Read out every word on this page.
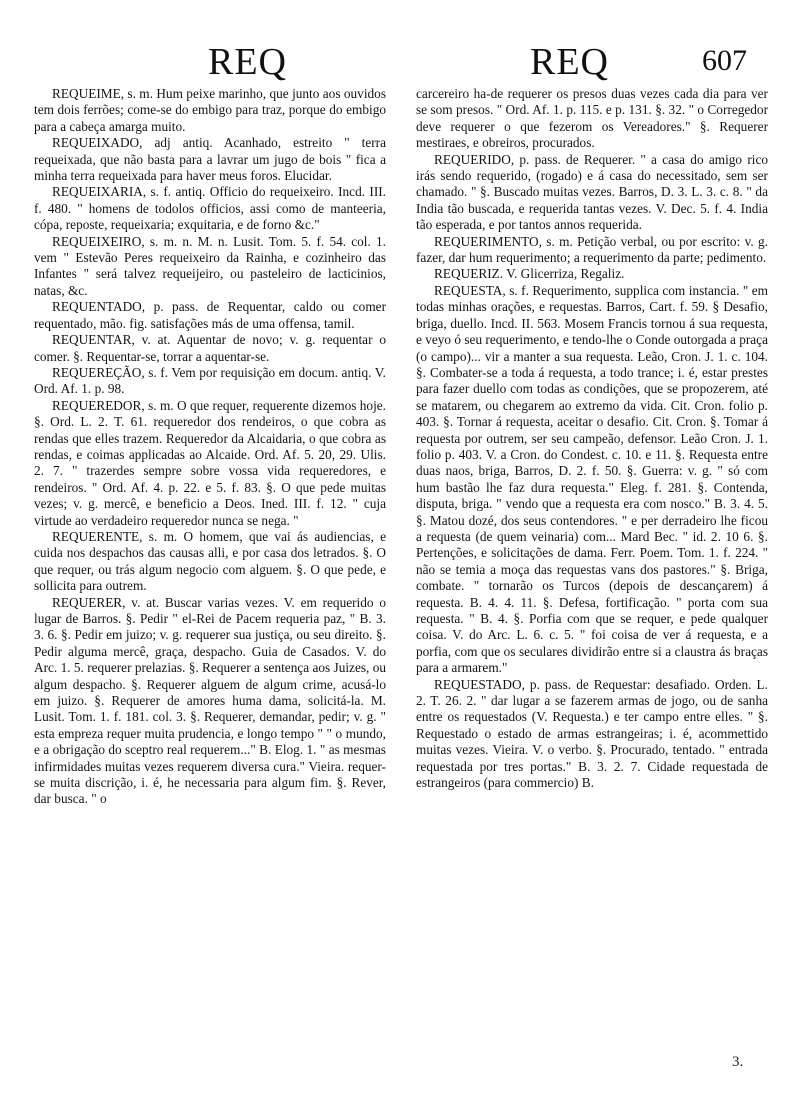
REQ	REQ	607

REQUEIME, s. m. Hum peixe marinho, que junto aos ouvidos tem dois ferrões; come-se do embigo para traz, porque do embigo para a cabeça amarga muito.

REQUEIXADO, adj antiq. Acanhado, estreito " terra requeixada, que não basta para a lavrar um jugo de bois " fica a minha terra requeixada para haver meus foros. Elucidar.

REQUEIXARIA, s. f. antiq. Officio do requeixeiro. Incd. III. f. 480. " homens de todolos officios, assi como de manteeria, cópa, reposte, requeixaria; exquitaria, e de forno &c."

REQUEIXEIRO, s. m. n. M. n. Lusit. Tom. 5. f. 54. col. 1. vem " Estevão Peres requeixeiro da Rainha, e cozinheiro das Infantes " será talvez requeijeiro, ou pasteleiro de lacticinios, natas, &c.

REQUENTADO, p. pass. de Requentar, caldo ou comer requentado, mão. fig. satisfações más de uma offensa, tamil.

REQUENTAR, v. at. Aquentar de novo; v. g. requentar o comer. §. Requentar-se, torrar a aquentar-se.

REQUEREÇÃO, s. f. Vem por requisição em docum. antiq. V. Ord. Af. 1. p. 98.

REQUEREDOR, s. m. O que requer, requerente dizemos hoje. §. Ord. L. 2. T. 61. requeredor dos rendeiros, o que cobra as rendas que elles trazem. Requeredor da Alcaidaria, o que cobra as rendas, e coimas applicadas ao Alcaide. Ord. Af. 5. 20, 29. Ulis. 2. 7. " trazerdes sempre sobre vossa vida requeredores, e rendeiros. " Ord. Af. 4. p. 22. e 5. f. 83. §. O que pede muitas vezes; v. g. mercê, e beneficio a Deos. Ined. III. f. 12. " cuja virtude ao verdadeiro requeredor nunca se nega. "

REQUERENTE, s. m. O homem, que vai ás audiencias, e cuida nos despachos das causas alli, e por casa dos letrados. §. O que requer, ou trás algum negocio com alguem. §. O que pede, e sollicita para outrem.

REQUERER, v. at. Buscar varias vezes. V. em requerido o lugar de Barros. §. Pedir " el-Rei de Pacem requeria paz, " B. 3. 3. 6. §. Pedir em juizo; v. g. requerer sua justiça, ou seu direito. §. Pedir alguma mercê, graça, despacho. Guia de Casados. V. do Arc. 1. 5. requerer prelazias. §. Requerer a sentença aos Juizes, ou algum despacho. §. Requerer alguem de algum crime, acusá-lo em juizo. §. Requerer de amores huma dama, solicitá-la. M. Lusit. Tom. 1. f. 181. col. 3. §. Requerer, demandar, pedir; v. g. " esta empreza requer muita prudencia, e longo tempo " " o mundo, e a obrigação do sceptro real requerem..." B. Elog. 1. " as mesmas infirmidades muitas vezes requerem diversa cura." Vieira. requer-se muita discrição, i. é, he necessaria para algum fim. §. Rever, dar busca. " o

carcereiro ha-de requerer os presos duas vezes cada dia para ver se som presos. " Ord. Af. 1. p. 115. e p. 131. §. 32. " o Corregedor deve requerer o que fezerom os Vereadores." §. Requerer mestiraes, e obreiros, procurados.

REQUERIDO, p. pass. de Requerer. " a casa do amigo rico irás sendo requerido, (rogado) e á casa do necessitado, sem ser chamado. " §. Buscado muitas vezes. Barros, D. 3. L. 3. c. 8. " da India tão buscada, e requerida tantas vezes. V. Dec. 5. f. 4. India tão esperada, e por tantos annos requerida.

REQUERIMENTO, s. m. Petição verbal, ou por escrito: v. g. fazer, dar hum requerimento; a requerimento da parte; pedimento.

REQUERIZ. V. Glicerriza, Regaliz.

REQUESTA, s. f. Requerimento, supplica com instancia. " em todas minhas orações, e requestas. Barros, Cart. f. 59. § Desafio, briga, duello. Incd. II. 563. Mosem Francis tornou á sua requesta, e veyo ó seu requerimento, e tendo-lhe o Conde outorgada a praça (o campo)... vir a manter a sua requesta. Leão, Cron. J. 1. c. 104. §. Combater-se a toda á requesta, a todo trance; i. é, estar prestes para fazer duello com todas as condições, que se propozerem, até se matarem, ou chegarem ao extremo da vida. Cit. Cron. folio p. 403. §. Tornar á requesta, aceitar o desafio. Cit. Cron. §. Tomar á requesta por outrem, ser seu campeão, defensor. Leão Cron. J. 1. folio p. 403. V. a Cron. do Condest. c. 10. e 11. §. Requesta entre duas naos, briga, Barros, D. 2. f. 50. §. Guerra: v. g. " só com hum bastão lhe faz dura requesta." Eleg. f. 281. §. Contenda, disputa, briga. " vendo que a requesta era com nosco." B. 3. 4. 5. §. Matou dozé, dos seus contendores. " e per derradeiro lhe ficou a requesta (de quem veinaria) com... Mard Bec. " id. 2. 10 6. §. Pertenções, e solicitações de dama. Ferr. Poem. Tom. 1. f. 224. " não se temia a moça das requestas vans dos pastores." §. Briga, combate. " tornarão os Turcos (depois de descançarem) á requesta. B. 4. 4. 11. §. Defesa, fortificação. " porta com sua requesta. " B. 4. §. Porfia com que se requer, e pede qualquer coisa. V. do Arc. L. 6. c. 5. " foi coisa de ver á requesta, e a porfia, com que os seculares dividirão entre si a claustra ás braças para a armarem."

REQUESTADO, p. pass. de Requestar: desafiado. Orden. L. 2. T. 26. 2. " dar lugar a se fazerem armas de jogo, ou de sanha entre os requestados (V. Requesta.) e ter campo entre elles. " §. Requestado o estado de armas estrangeiras; i. é, acommettido muitas vezes. Vieira. V. o verbo. §. Procurado, tentado. " entrada requestada por tres portas." B. 3. 2. 7. Cidade requestada de estrangeiros (para commercio) B.

3.
